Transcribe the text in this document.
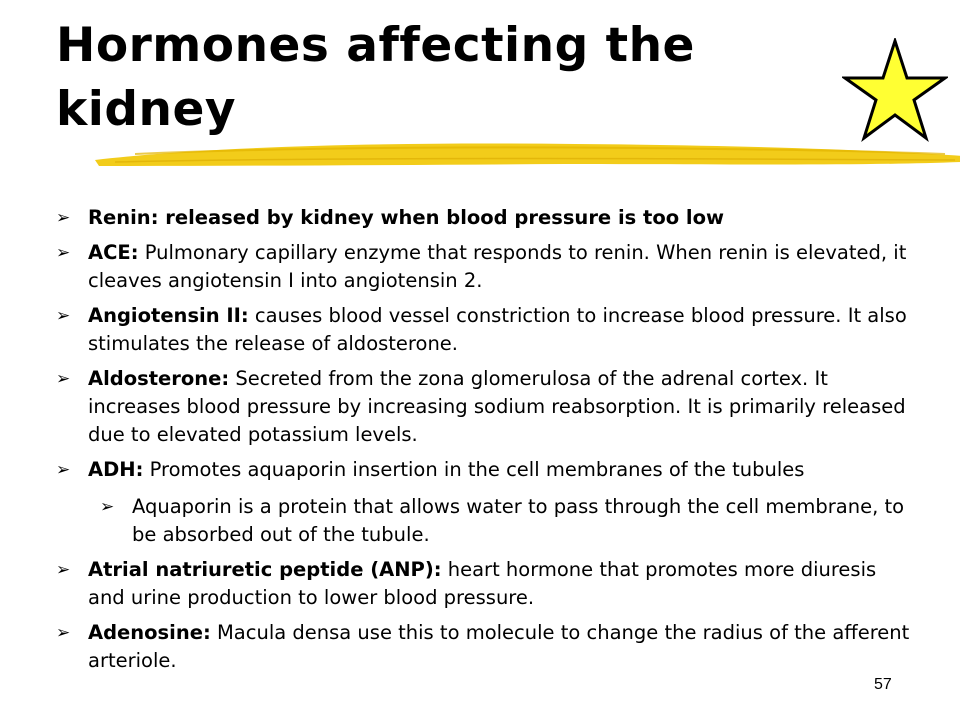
Hormones affecting the kidney
➢ Renin: released by kidney when blood pressure is too low
➢ ACE: Pulmonary capillary enzyme that responds to renin. When renin is elevated, it cleaves angiotensin I into angiotensin 2.
➢ Angiotensin II: causes blood vessel constriction to increase blood pressure. It also stimulates the release of aldosterone.
➢ Aldosterone: Secreted from the zona glomerulosa of the adrenal cortex. It increases blood pressure by increasing sodium reabsorption. It is primarily released due to elevated potassium levels.
➢ ADH: Promotes aquaporin insertion in the cell membranes of the tubules
➢ Aquaporin is a protein that allows water to pass through the cell membrane, to be absorbed out of the tubule.
➢ Atrial natriuretic peptide (ANP): heart hormone that promotes more diuresis and urine production to lower blood pressure.
➢ Adenosine: Macula densa use this to molecule to change the radius of the afferent arteriole.
57
